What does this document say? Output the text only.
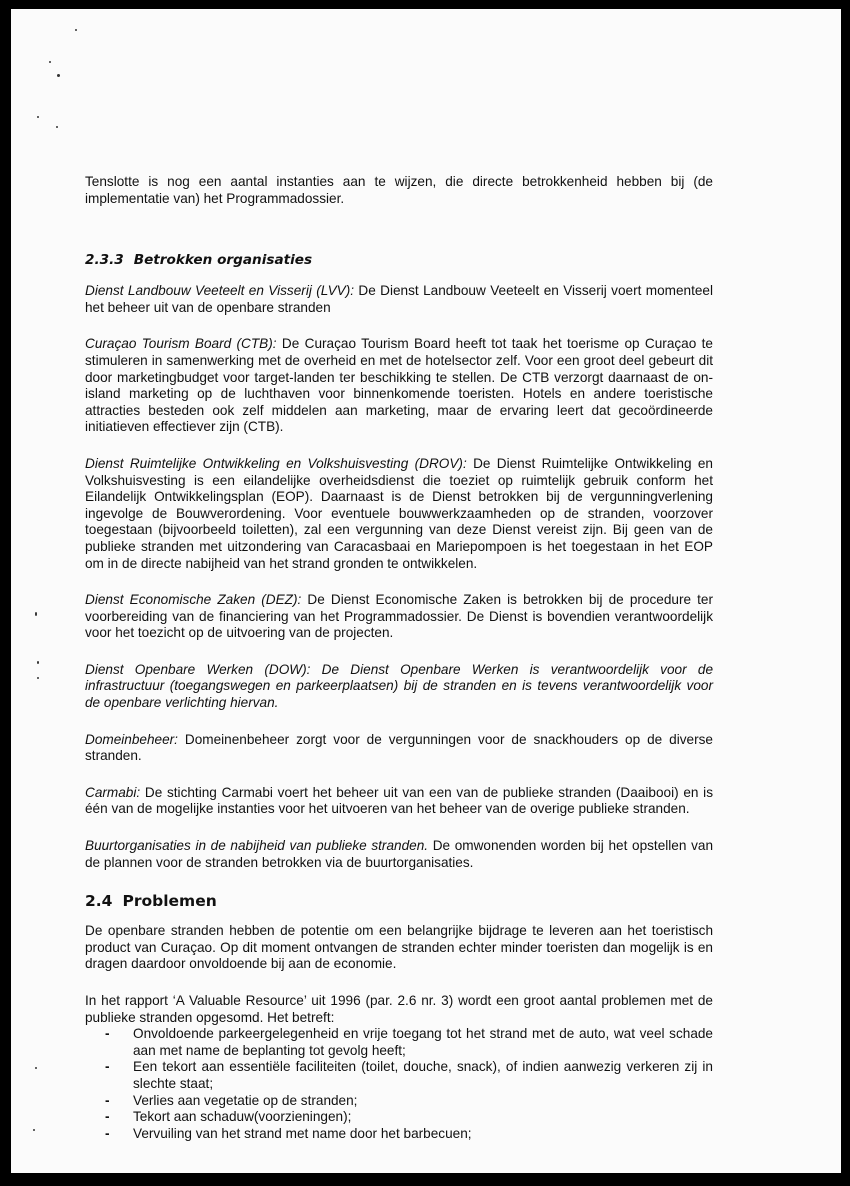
Tenslotte is nog een aantal instanties aan te wijzen, die directe betrokkenheid hebben bij (de implementatie van) het Programmadossier.

2.3.3 Betrokken organisaties

Dienst Landbouw Veeteelt en Visserij (LVV): De Dienst Landbouw Veeteelt en Visserij voert momenteel het beheer uit van de openbare stranden

Curaçao Tourism Board (CTB): De Curaçao Tourism Board heeft tot taak het toerisme op Curaçao te stimuleren in samenwerking met de overheid en met de hotelsector zelf. Voor een groot deel gebeurt dit door marketingbudget voor target-landen ter beschikking te stellen. De CTB verzorgt daarnaast de on-island marketing op de luchthaven voor binnenkomende toeristen. Hotels en andere toeristische attracties besteden ook zelf middelen aan marketing, maar de ervaring leert dat gecoördineerde initiatieven effectiever zijn (CTB).

Dienst Ruimtelijke Ontwikkeling en Volkshuisvesting (DROV): De Dienst Ruimtelijke Ontwikkeling en Volkshuisvesting is een eilandelijke overheidsdienst die toeziet op ruimtelijk gebruik conform het Eilandelijk Ontwikkelingsplan (EOP). Daarnaast is de Dienst betrokken bij de vergunningverlening ingevolge de Bouwverordening. Voor eventuele bouwwerkzaamheden op de stranden, voorzover toegestaan (bijvoorbeeld toiletten), zal een vergunning van deze Dienst vereist zijn. Bij geen van de publieke stranden met uitzondering van Caracasbaai en Mariepompoen is het toegestaan in het EOP om in de directe nabijheid van het strand gronden te ontwikkelen.

Dienst Economische Zaken (DEZ): De Dienst Economische Zaken is betrokken bij de procedure ter voorbereiding van de financiering van het Programmadossier. De Dienst is bovendien verantwoordelijk voor het toezicht op de uitvoering van de projecten.

Dienst Openbare Werken (DOW): De Dienst Openbare Werken is verantwoordelijk voor de infrastructuur (toegangswegen en parkeerplaatsen) bij de stranden en is tevens verantwoordelijk voor de openbare verlichting hiervan.

Domeinbeheer: Domeinenbeheer zorgt voor de vergunningen voor de snackhouders op de diverse stranden.

Carmabi: De stichting Carmabi voert het beheer uit van een van de publieke stranden (Daaibooi) en is één van de mogelijke instanties voor het uitvoeren van het beheer van de overige publieke stranden.

Buurtorganisaties in de nabijheid van publieke stranden. De omwonenden worden bij het opstellen van de plannen voor de stranden betrokken via de buurtorganisaties.

2.4 Problemen

De openbare stranden hebben de potentie om een belangrijke bijdrage te leveren aan het toeristisch product van Curaçao. Op dit moment ontvangen de stranden echter minder toeristen dan mogelijk is en dragen daardoor onvoldoende bij aan de economie.

In het rapport ‘A Valuable Resource’ uit 1996 (par. 2.6 nr. 3) wordt een groot aantal problemen met de publieke stranden opgesomd. Het betreft:

- Onvoldoende parkeergelegenheid en vrije toegang tot het strand met de auto, wat veel schade aan met name de beplanting tot gevolg heeft;
- Een tekort aan essentiële faciliteiten (toilet, douche, snack), of indien aanwezig verkeren zij in slechte staat;
- Verlies aan vegetatie op de stranden;
- Tekort aan schaduw(voorzieningen);
- Vervuiling van het strand met name door het barbecuen;
